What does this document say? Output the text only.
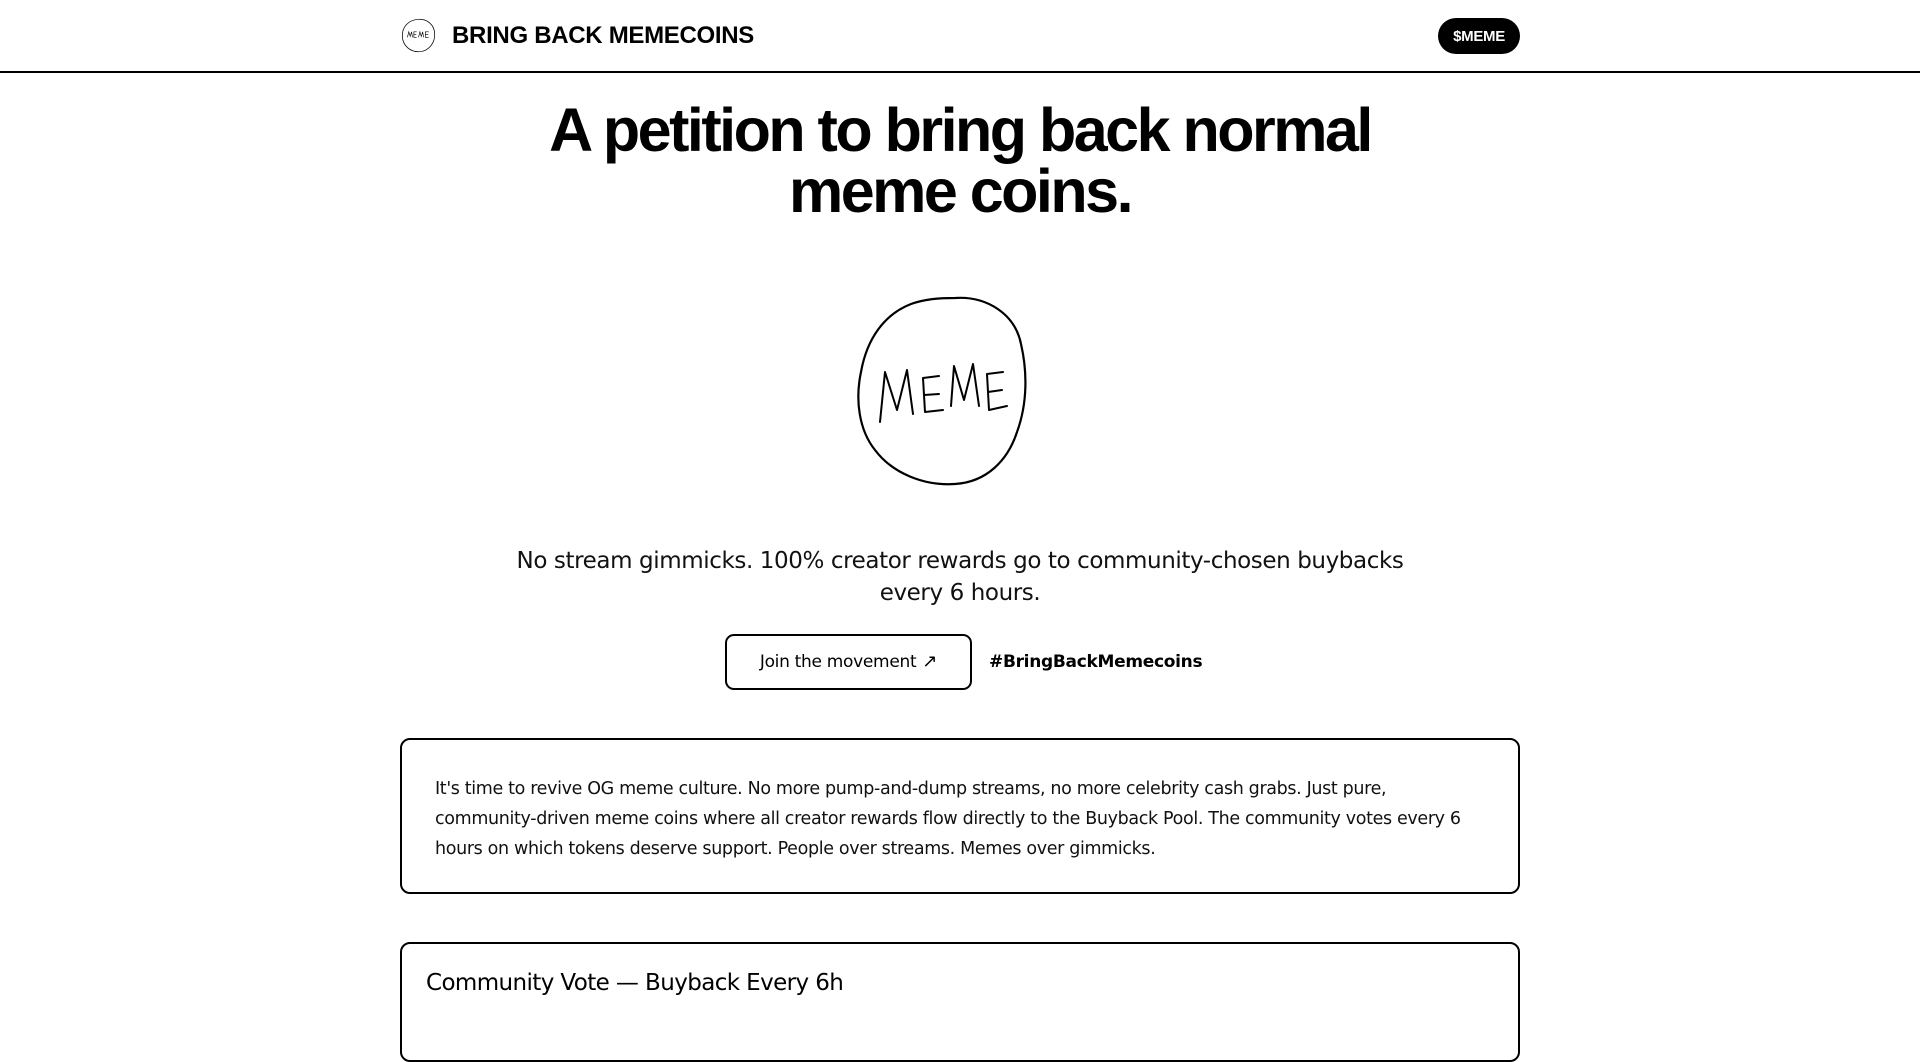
BRING BACK MEMECOINS	$MEME
A petition to bring back normal meme coins.
MEME

No stream gimmicks. 100% creator rewards go to community-chosen buybacks every 6 hours.

Join the movement ↗	#BringBackMemecoins

It's time to revive OG meme culture. No more pump-and-dump streams, no more celebrity cash grabs. Just pure, community-driven meme coins where all creator rewards flow directly to the Buyback Pool. The community votes every 6 hours on which tokens deserve support. People over streams. Memes over gimmicks.

Community Vote — Buyback Every 6h
